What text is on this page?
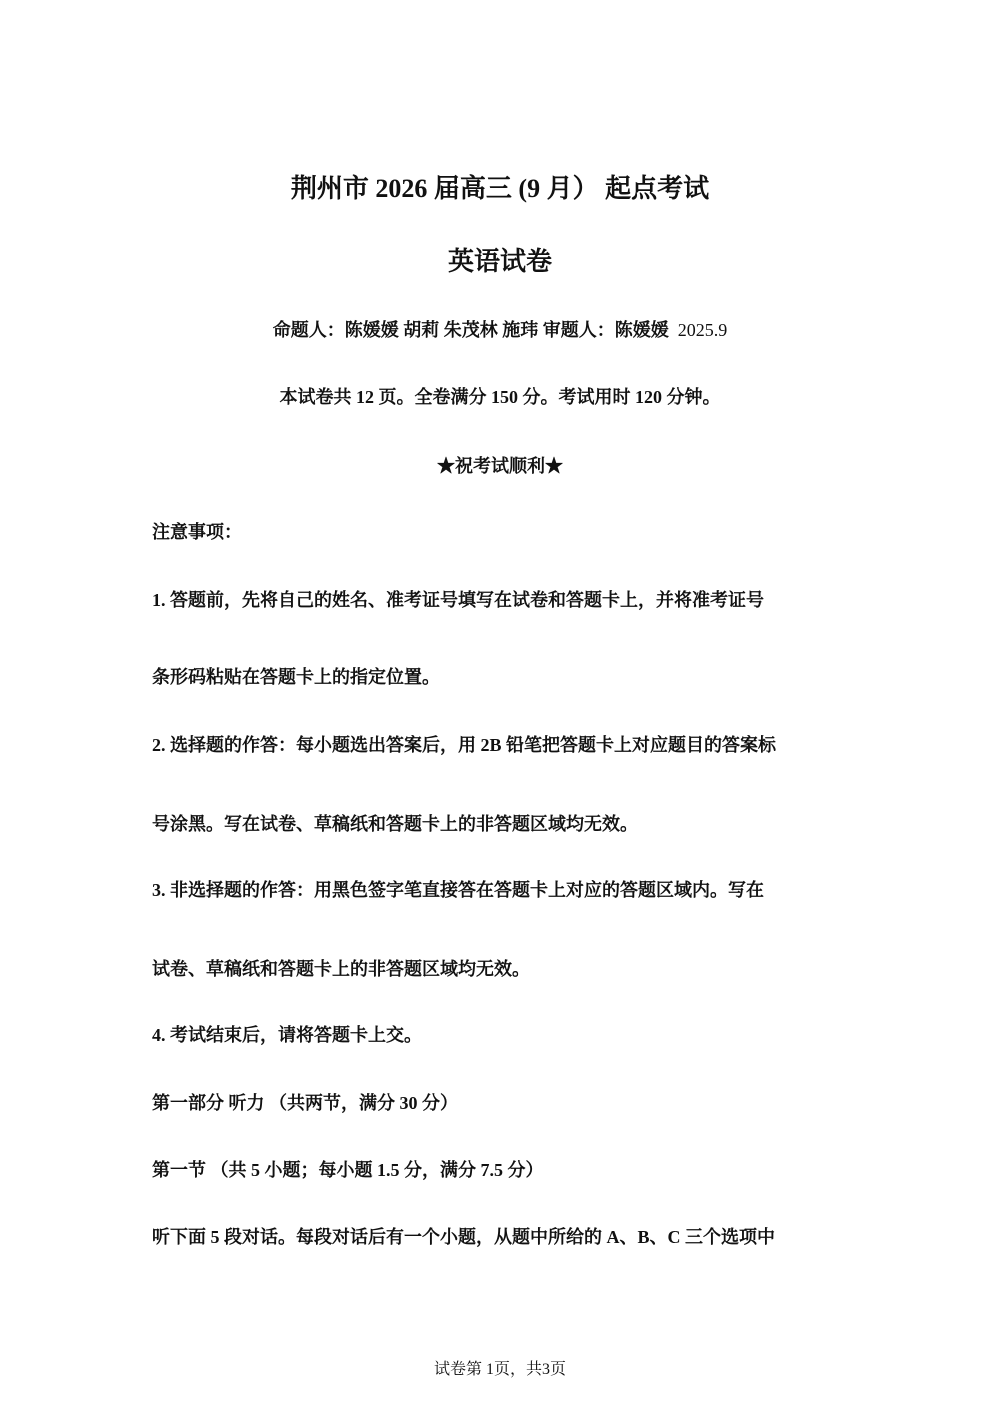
荆州市 2026 届高三 (9 月） 起点考试
英语试卷
命题人：陈媛媛 胡莉 朱茂林 施玮 审题人：陈媛媛 2025.9
本试卷共 12 页。全卷满分 150 分。考试用时 120 分钟。
★祝考试顺利★
注意事项：
1. 答题前，先将自己的姓名、准考证号填写在试卷和答题卡上，并将准考证号
条形码粘贴在答题卡上的指定位置。
2. 选择题的作答：每小题选出答案后，用 2B 铅笔把答题卡上对应题目的答案标
号涂黑。写在试卷、草稿纸和答题卡上的非答题区域均无效。
3. 非选择题的作答：用黑色签字笔直接答在答题卡上对应的答题区域内。写在
试卷、草稿纸和答题卡上的非答题区域均无效。
4. 考试结束后，请将答题卡上交。
第一部分 听力 （共两节，满分 30 分）
第一节 （共 5 小题；每小题 1.5 分，满分 7.5 分）
听下面 5 段对话。每段对话后有一个小题，从题中所给的 A、B、C 三个选项中
试卷第 1页，共3页
